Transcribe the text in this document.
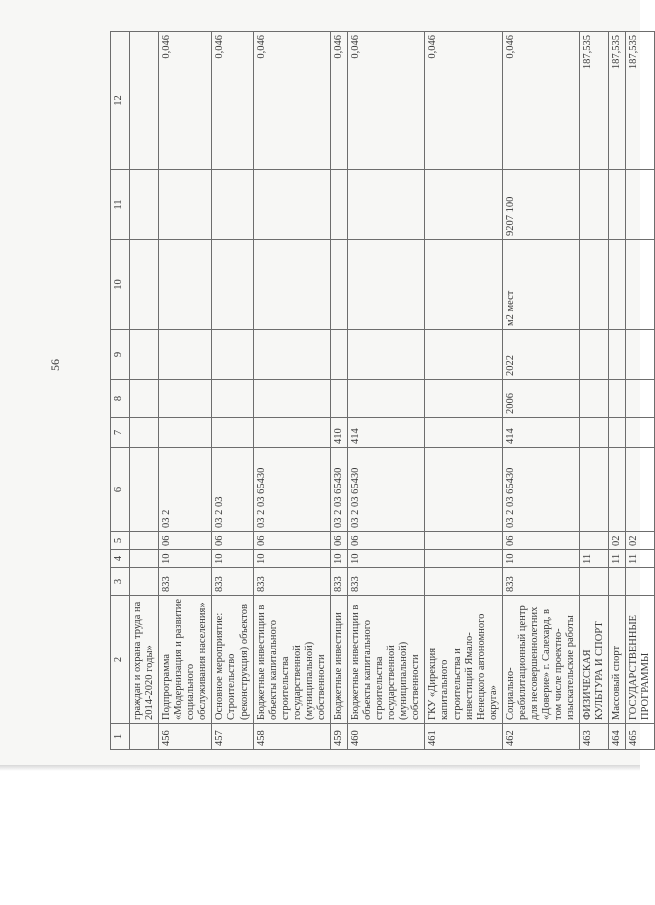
56
1	2	3	4	5	6	7	8	9	10	11	12
	граждан и охрана труда на 2014-2020 годы»										
456	Подпрограмма «Модернизация и развитие социального обслуживания населения»	833	10	06	03 2						0,046
457	Основное мероприятие: Строительство (реконструкция) объектов	833	10	06	03 2 03						0,046
458	Бюджетные инвестиции в объекты капитального строительства государственной (муниципальной) собственности	833	10	06	03 2 03 65430						0,046
459	Бюджетные инвестиции	833	10	06	03 2 03 65430	410					0,046
460	Бюджетные инвестиции в объекты капитального строительства государственной (муниципальной) собственности	833	10	06	03 2 03 65430	414					0,046
461	ГКУ «Дирекция капитального строительства и инвестиций Ямало-Ненецкого автономного округа»										0,046
462	Социально-реабилитационный центр для несовершеннолетних «Доверие» г. Салехард, в том числе проектно-изыскательские работы	833	10	06	03 2 03 65430	414	2006	2022	м2 мест	9207 100	0,046
463	ФИЗИЧЕСКАЯ КУЛЬТУРА И СПОРТ		11								187,535
464	Массовый спорт		11	02							187,535
465	ГОСУДАРСТВЕННЫЕ ПРОГРАММЫ		11	02							187,535
